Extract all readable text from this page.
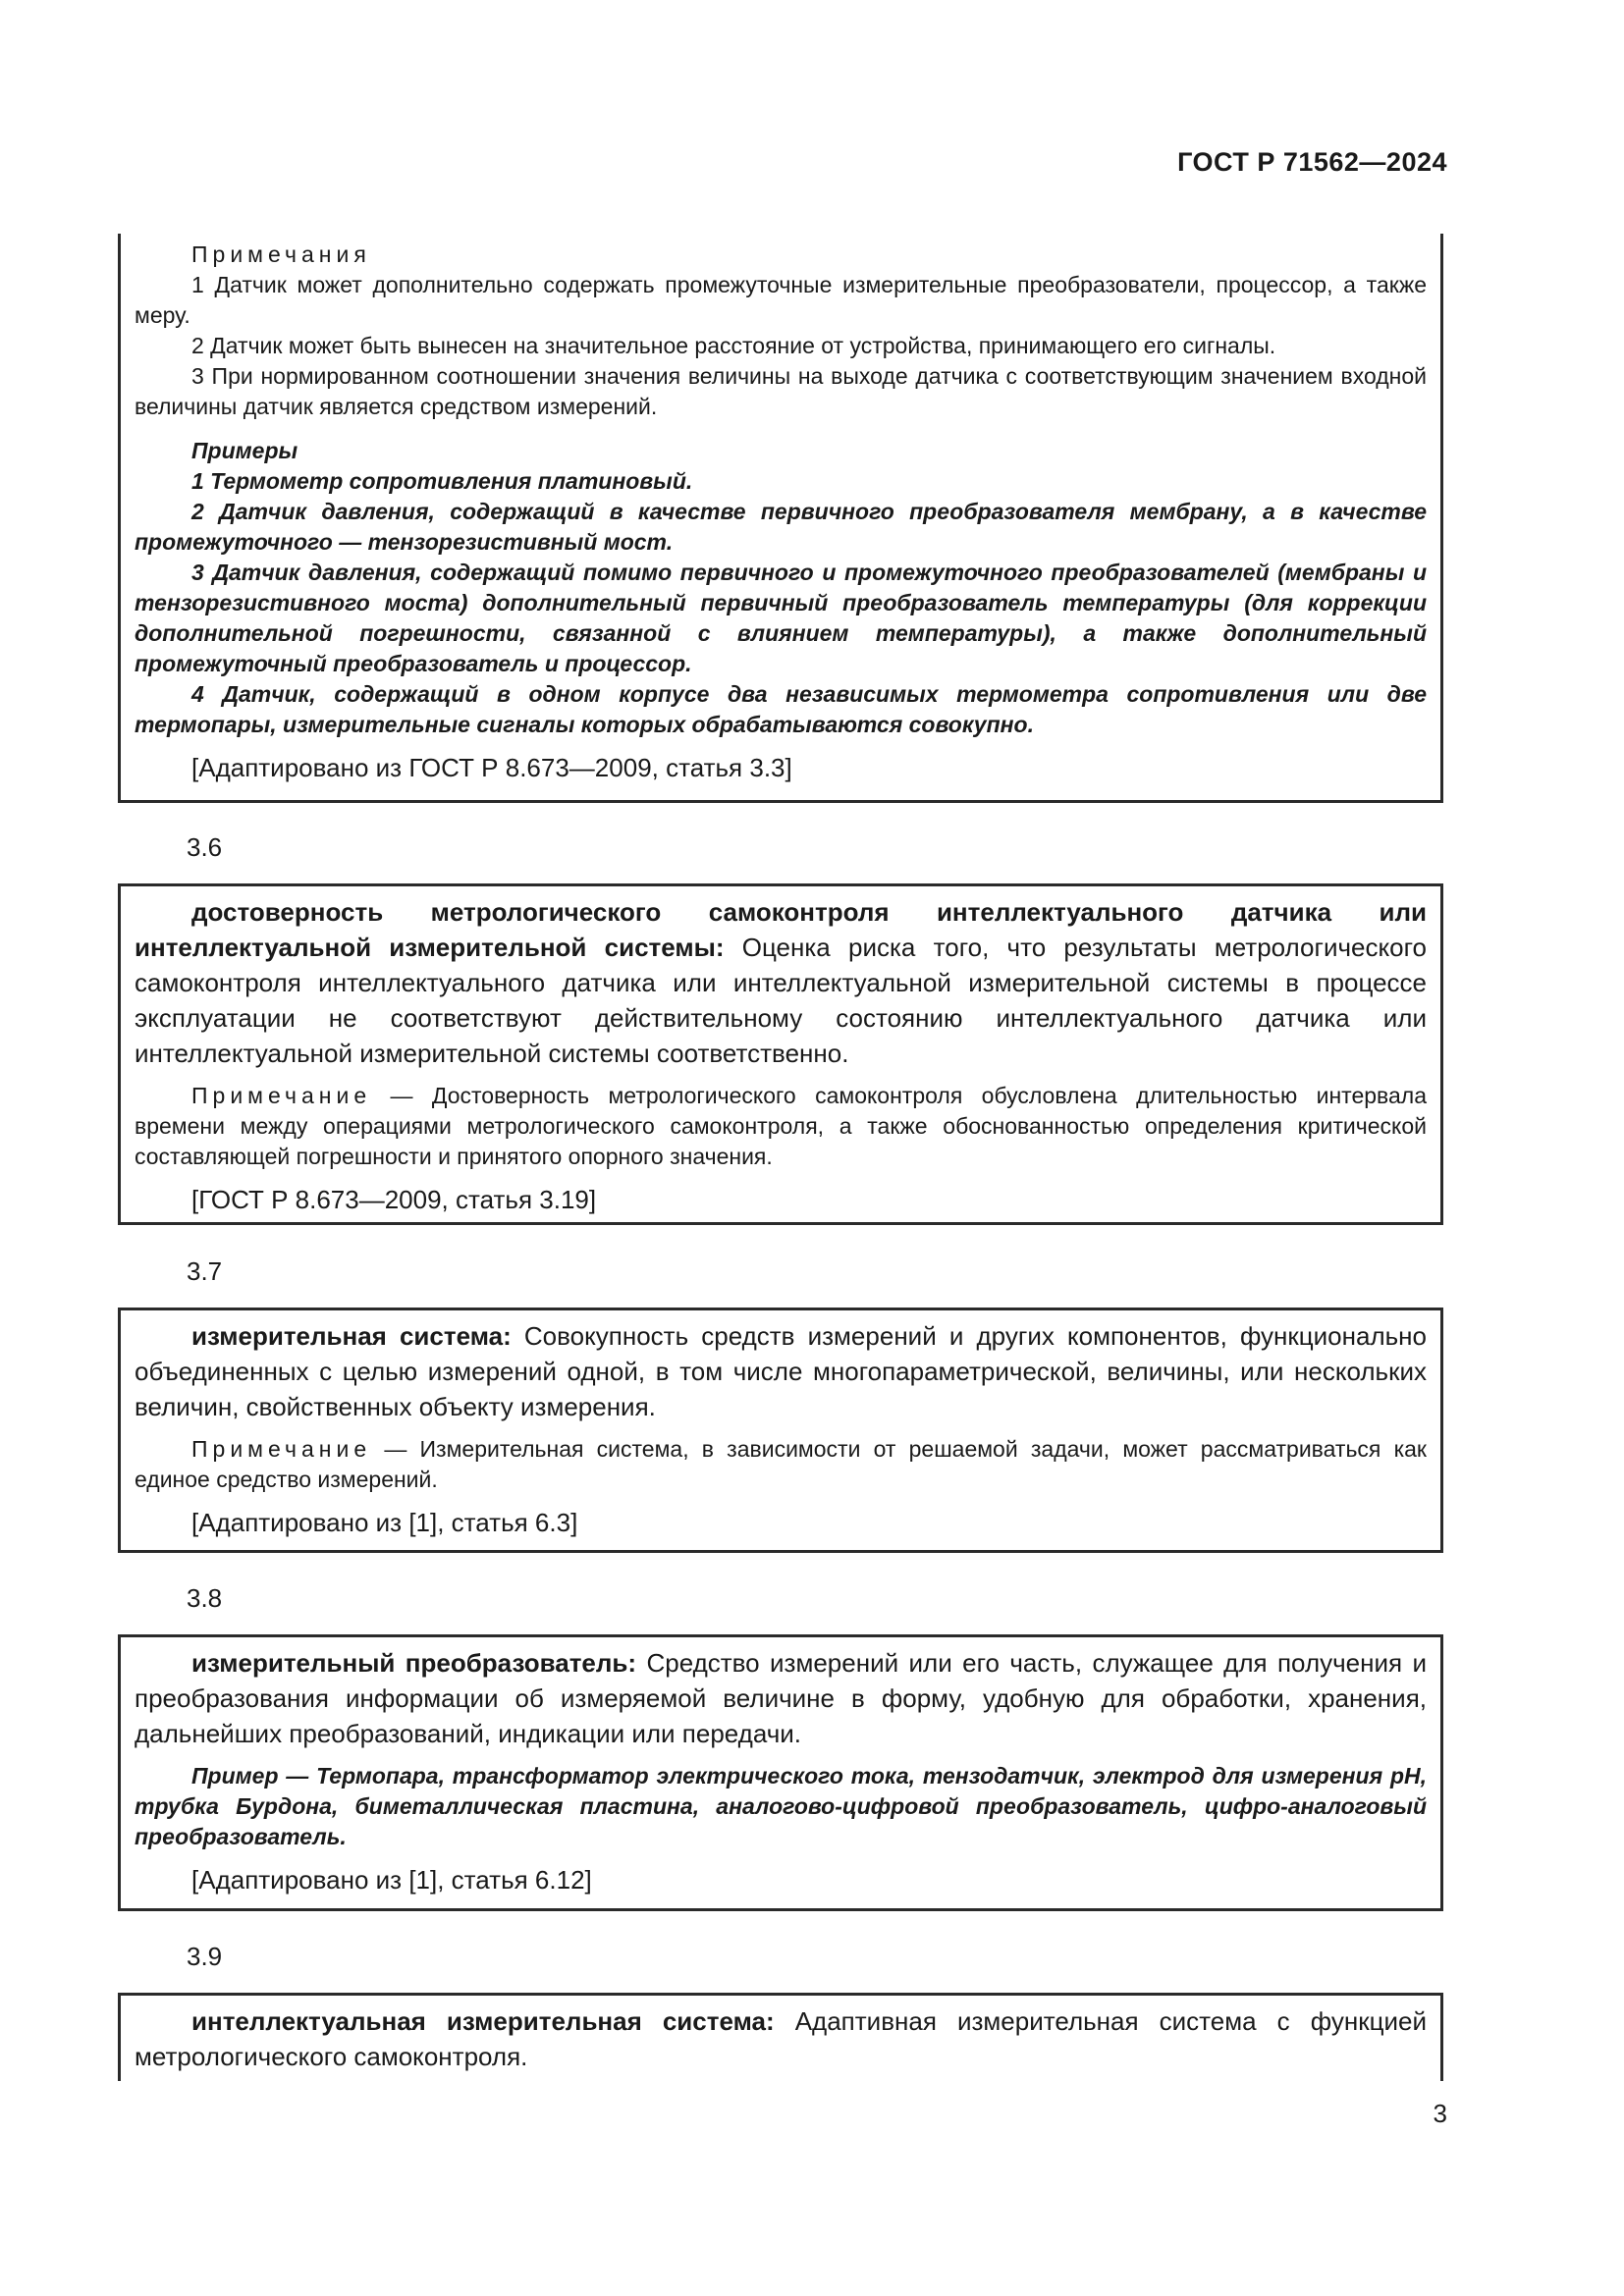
ГОСТ Р 71562—2024

Примечания

1 Датчик может дополнительно содержать промежуточные измерительные преобразователи, процессор, а также меру.

2 Датчик может быть вынесен на значительное расстояние от устройства, принимающего его сигналы.

3 При нормированном соотношении значения величины на выходе датчика с соответствующим значением входной величины датчик является средством измерений.

Примеры

1 Термометр сопротивления платиновый.

2 Датчик давления, содержащий в качестве первичного преобразователя мембрану, а в качестве промежуточного — тензорезистивный мост.

3 Датчик давления, содержащий помимо первичного и промежуточного преобразователей (мембраны и тензорезистивного моста) дополнительный первичный преобразователь температуры (для коррекции дополнительной погрешности, связанной с влиянием температуры), а также дополнительный промежуточный преобразователь и процессор.

4 Датчик, содержащий в одном корпусе два независимых термометра сопротивления или две термопары, измерительные сигналы которых обрабатываются совокупно.

[Адаптировано из ГОСТ Р 8.673—2009, статья 3.3]

3.6

достоверность метрологического самоконтроля интеллектуального датчика или интеллектуальной измерительной системы: Оценка риска того, что результаты метрологического самоконтроля интеллектуального датчика или интеллектуальной измерительной системы в процессе эксплуатации не соответствуют действительному состоянию интеллектуального датчика или интеллектуальной измерительной системы соответственно.

Примечание — Достоверность метрологического самоконтроля обусловлена длительностью интервала времени между операциями метрологического самоконтроля, а также обоснованностью определения критической составляющей погрешности и принятого опорного значения.

[ГОСТ Р 8.673—2009, статья 3.19]

3.7

измерительная система: Совокупность средств измерений и других компонентов, функционально объединенных с целью измерений одной, в том числе многопараметрической, величины, или нескольких величин, свойственных объекту измерения.

Примечание — Измерительная система, в зависимости от решаемой задачи, может рассматриваться как единое средство измерений.

[Адаптировано из [1], статья 6.3]

3.8

измерительный преобразователь: Средство измерений или его часть, служащее для получения и преобразования информации об измеряемой величине в форму, удобную для обработки, хранения, дальнейших преобразований, индикации или передачи.

Пример — Термопара, трансформатор электрического тока, тензодатчик, электрод для измерения pH, трубка Бурдона, биметаллическая пластина, аналогово-цифровой преобразователь, цифро-аналоговый преобразователь.

[Адаптировано из [1], статья 6.12]

3.9

интеллектуальная измерительная система: Адаптивная измерительная система с функцией метрологического самоконтроля.

3
